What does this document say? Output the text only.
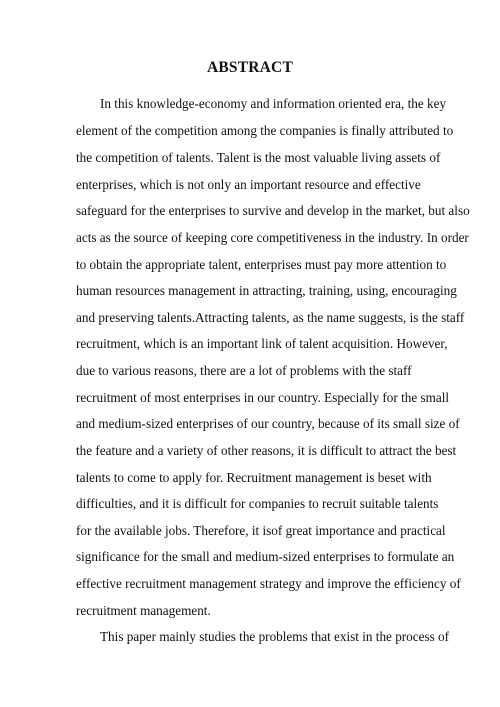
ABSTRACT
In this knowledge-economy and information oriented era, the key
element of the competition among the companies is finally attributed to
the competition of talents. Talent is the most valuable living assets of
enterprises, which is not only an important resource and effective
safeguard for the enterprises to survive and develop in the market, but also
acts as the source of keeping core competitiveness in the industry. In order
to obtain the appropriate talent, enterprises must pay more attention to
human resources management in attracting, training, using, encouraging
and preserving talents.Attracting talents, as the name suggests, is the staff
recruitment, which is an important link of talent acquisition. However,
due to various reasons, there are a lot of problems with the staff
recruitment of most enterprises in our country. Especially for the small
and medium-sized enterprises of our country, because of its small size of
the feature and a variety of other reasons, it is difficult to attract the best
talents to come to apply for. Recruitment management is beset with
difficulties, and it is difficult for companies to recruit suitable talents
for the available jobs. Therefore, it isof great importance and practical
significance for the small and medium-sized enterprises to formulate an
effective recruitment management strategy and improve the efficiency of
recruitment management.
This paper mainly studies the problems that exist in the process of
